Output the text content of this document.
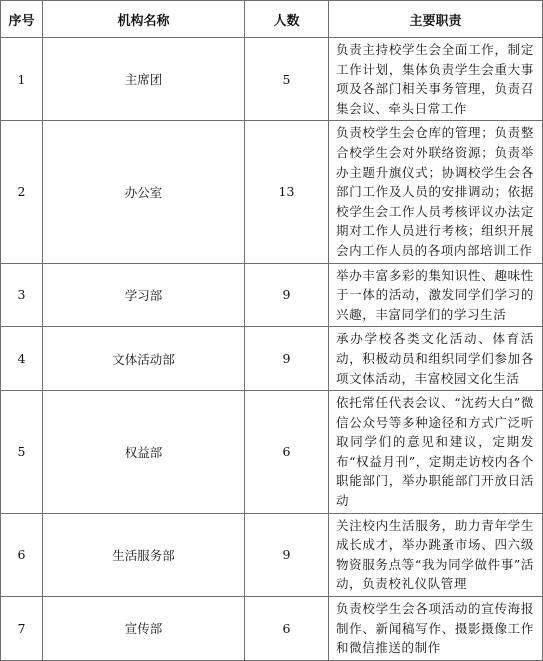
序号	机构名称	人数	主要职责
1	主席团	5	负责主持校学生会全面工作，制定工作计划，集体负责学生会重大事项及各部门相关事务管理，负责召集会议、牵头日常工作
2	办公室	13	负责校学生会仓库的管理；负责整合校学生会对外联络资源；负责举办主题升旗仪式；协调校学生会各部门工作及人员的安排调动；依据校学生会工作人员考核评议办法定期对工作人员进行考核；组织开展会内工作人员的各项内部培训工作
3	学习部	9	举办丰富多彩的集知识性、趣味性于一体的活动，激发同学们学习的兴趣，丰富同学们的学习生活
4	文体活动部	9	承办学校各类文化活动、体育活动，积极动员和组织同学们参加各项文体活动，丰富校园文化生活
5	权益部	6	依托常任代表会议、“沈药大白”微信公众号等多种途径和方式广泛听取同学们的意见和建议，定期发布“权益月刊”，定期走访校内各个职能部门，举办职能部门开放日活动
6	生活服务部	9	关注校内生活服务，助力青年学生成长成才，举办跳蚤市场、四六级物资服务点等“我为同学做件事”活动，负责校礼仪队管理
7	宣传部	6	负责校学生会各项活动的宣传海报制作、新闻稿写作、摄影摄像工作和微信推送的制作
